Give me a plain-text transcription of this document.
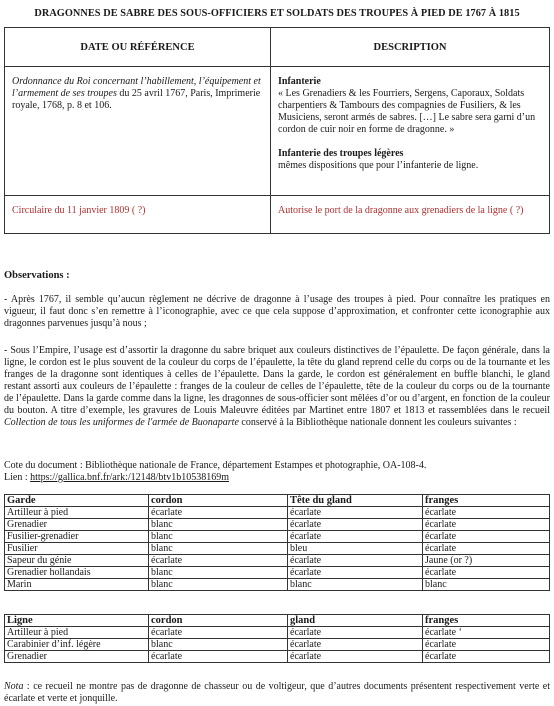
DRAGONNES DE SABRE DES SOUS-OFFICIERS ET SOLDATS DES TROUPES À PIED DE 1767 À 1815
DATE OU RÉFÉRENCE	DESCRIPTION

Ordonnance du Roi concernant l’habillement, l’équipement et l’armement de ses troupes du 25 avril 1767, Paris, Imprimerie royale, 1768, p. 8 et 106.	Infanterie
« Les Grenadiers & les Fourriers, Sergens, Caporaux, Soldats charpentiers & Tambours des compagnies de Fusiliers, & les Musiciens, seront armés de sabres. […] Le sabre sera garni d’un cordon de cuir noir en forme de dragonne. »
Infanterie des troupes légères
mêmes dispositions que pour l’infanterie de ligne.

Circulaire du 11 janvier 1809 ( ?)	Autorise le port de la dragonne aux grenadiers de la ligne ( ?)
Observations :
- Après 1767, il semble qu’aucun règlement ne décrive de dragonne à l’usage des troupes à pied. Pour connaître les pratiques en vigueur, il faut donc s’en remettre à l’iconographie, avec ce que cela suppose d’approximation, et confronter cette iconographie aux dragonnes parvenues jusqu’à nous ;
- Sous l’Empire, l’usage est d’assortir la dragonne du sabre briquet aux couleurs distinctives de l’épaulette. De façon générale, dans la ligne, le cordon est le plus souvent de la couleur du corps de l’épaulette, la tête du gland reprend celle du corps ou de la tournante et les franges de la dragonne sont identiques à celles de l’épaulette. Dans la garde, le cordon est généralement en buffle blanchi, le gland restant assorti aux couleurs de l’épaulette : franges de la couleur de celles de l’épaulette, tête de la couleur du corps ou de la tournante de l’épaulette. Dans la garde comme dans la ligne, les dragonnes de sous-officier sont mêlées d’or ou d’argent, en fonction de la couleur du bouton. A titre d’exemple, les gravures de Louis Maleuvre éditées par Martinet entre 1807 et 1813 et rassemblées dans le recueil Collection de tous les uniformes de l'armée de Buonaparte conservé à la Bibliothèque nationale donnent les couleurs suivantes :
Cote du document : Bibliothèque nationale de France, département Estampes et photographie, OA-108-4.
Lien : https://gallica.bnf.fr/ark:/12148/btv1b10538169m
Garde	cordon	Tête du gland	franges
Artilleur à pied	écarlate	écarlate	écarlate
Grenadier	blanc	écarlate	écarlate
Fusilier-grenadier	blanc	écarlate	écarlate
Fusilier	blanc	bleu	écarlate
Sapeur du génie	écarlate	écarlate	Jaune (or ?)
Grenadier hollandais	blanc	écarlate	écarlate
Marin	blanc	blanc	blanc
Ligne	cordon	gland	franges
Artilleur à pied	écarlate	écarlate	écarlate ‘
Carabinier d’inf. légère	blanc	écarlate	écarlate
Grenadier	écarlate	écarlate	écarlate
Nota : ce recueil ne montre pas de dragonne de chasseur ou de voltigeur, que d’autres documents présentent respectivement verte et écarlate et verte et jonquille.
